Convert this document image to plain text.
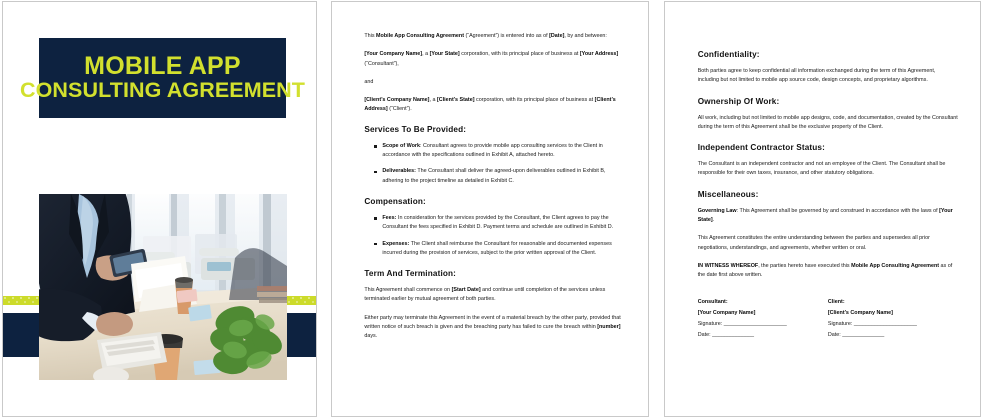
MOBILE APP
CONSULTING AGREEMENT

This Mobile App Consulting Agreement (“Agreement”) is entered into as of [Date], by and between:

[Your Company Name], a [Your State] corporation, with its principal place of business at [Your Address] (“Consultant”),

and

[Client’s Company Name], a [Client’s State] corporation, with its principal place of business at [Client’s Address] (“Client”).

Services To Be Provided:
Scope of Work: Consultant agrees to provide mobile app consulting services to the Client in accordance with the specifications outlined in Exhibit A, attached hereto.
Deliverables: The Consultant shall deliver the agreed-upon deliverables outlined in Exhibit B, adhering to the project timeline as detailed in Exhibit C.
Compensation:
Fees: In consideration for the services provided by the Consultant, the Client agrees to pay the Consultant the fees specified in Exhibit D. Payment terms and schedule are outlined in Exhibit D.
Expenses: The Client shall reimburse the Consultant for reasonable and documented expenses incurred during the provision of services, subject to the prior written approval of the Client.
Term And Termination:

This Agreement shall commence on [Start Date] and continue until completion of the services unless terminated earlier by mutual agreement of both parties.

Either party may terminate this Agreement in the event of a material breach by the other party, provided that written notice of such breach is given and the breaching party has failed to cure the breach within [number] days.

Confidentiality:

Both parties agree to keep confidential all information exchanged during the term of this Agreement, including but not limited to mobile app source code, design concepts, and proprietary algorithms.

Ownership Of Work:

All work, including but not limited to mobile app designs, code, and documentation, created by the Consultant during the term of this Agreement shall be the exclusive property of the Client.

Independent Contractor Status:

The Consultant is an independent contractor and not an employee of the Client. The Consultant shall be responsible for their own taxes, insurance, and other statutory obligations.

Miscellaneous:

Governing Law: This Agreement shall be governed by and construed in accordance with the laws of [Your State].

This Agreement constitutes the entire understanding between the parties and supersedes all prior negotiations, understandings, and agreements, whether written or oral.

IN WITNESS WHEREOF, the parties hereto have executed this Mobile App Consulting Agreement as of the date first above written.

Consultant:
[Your Company Name]
Signature: _____________________
Date: ______________
Client:
[Client’s Company Name]
Signature: _____________________
Date: ______________
